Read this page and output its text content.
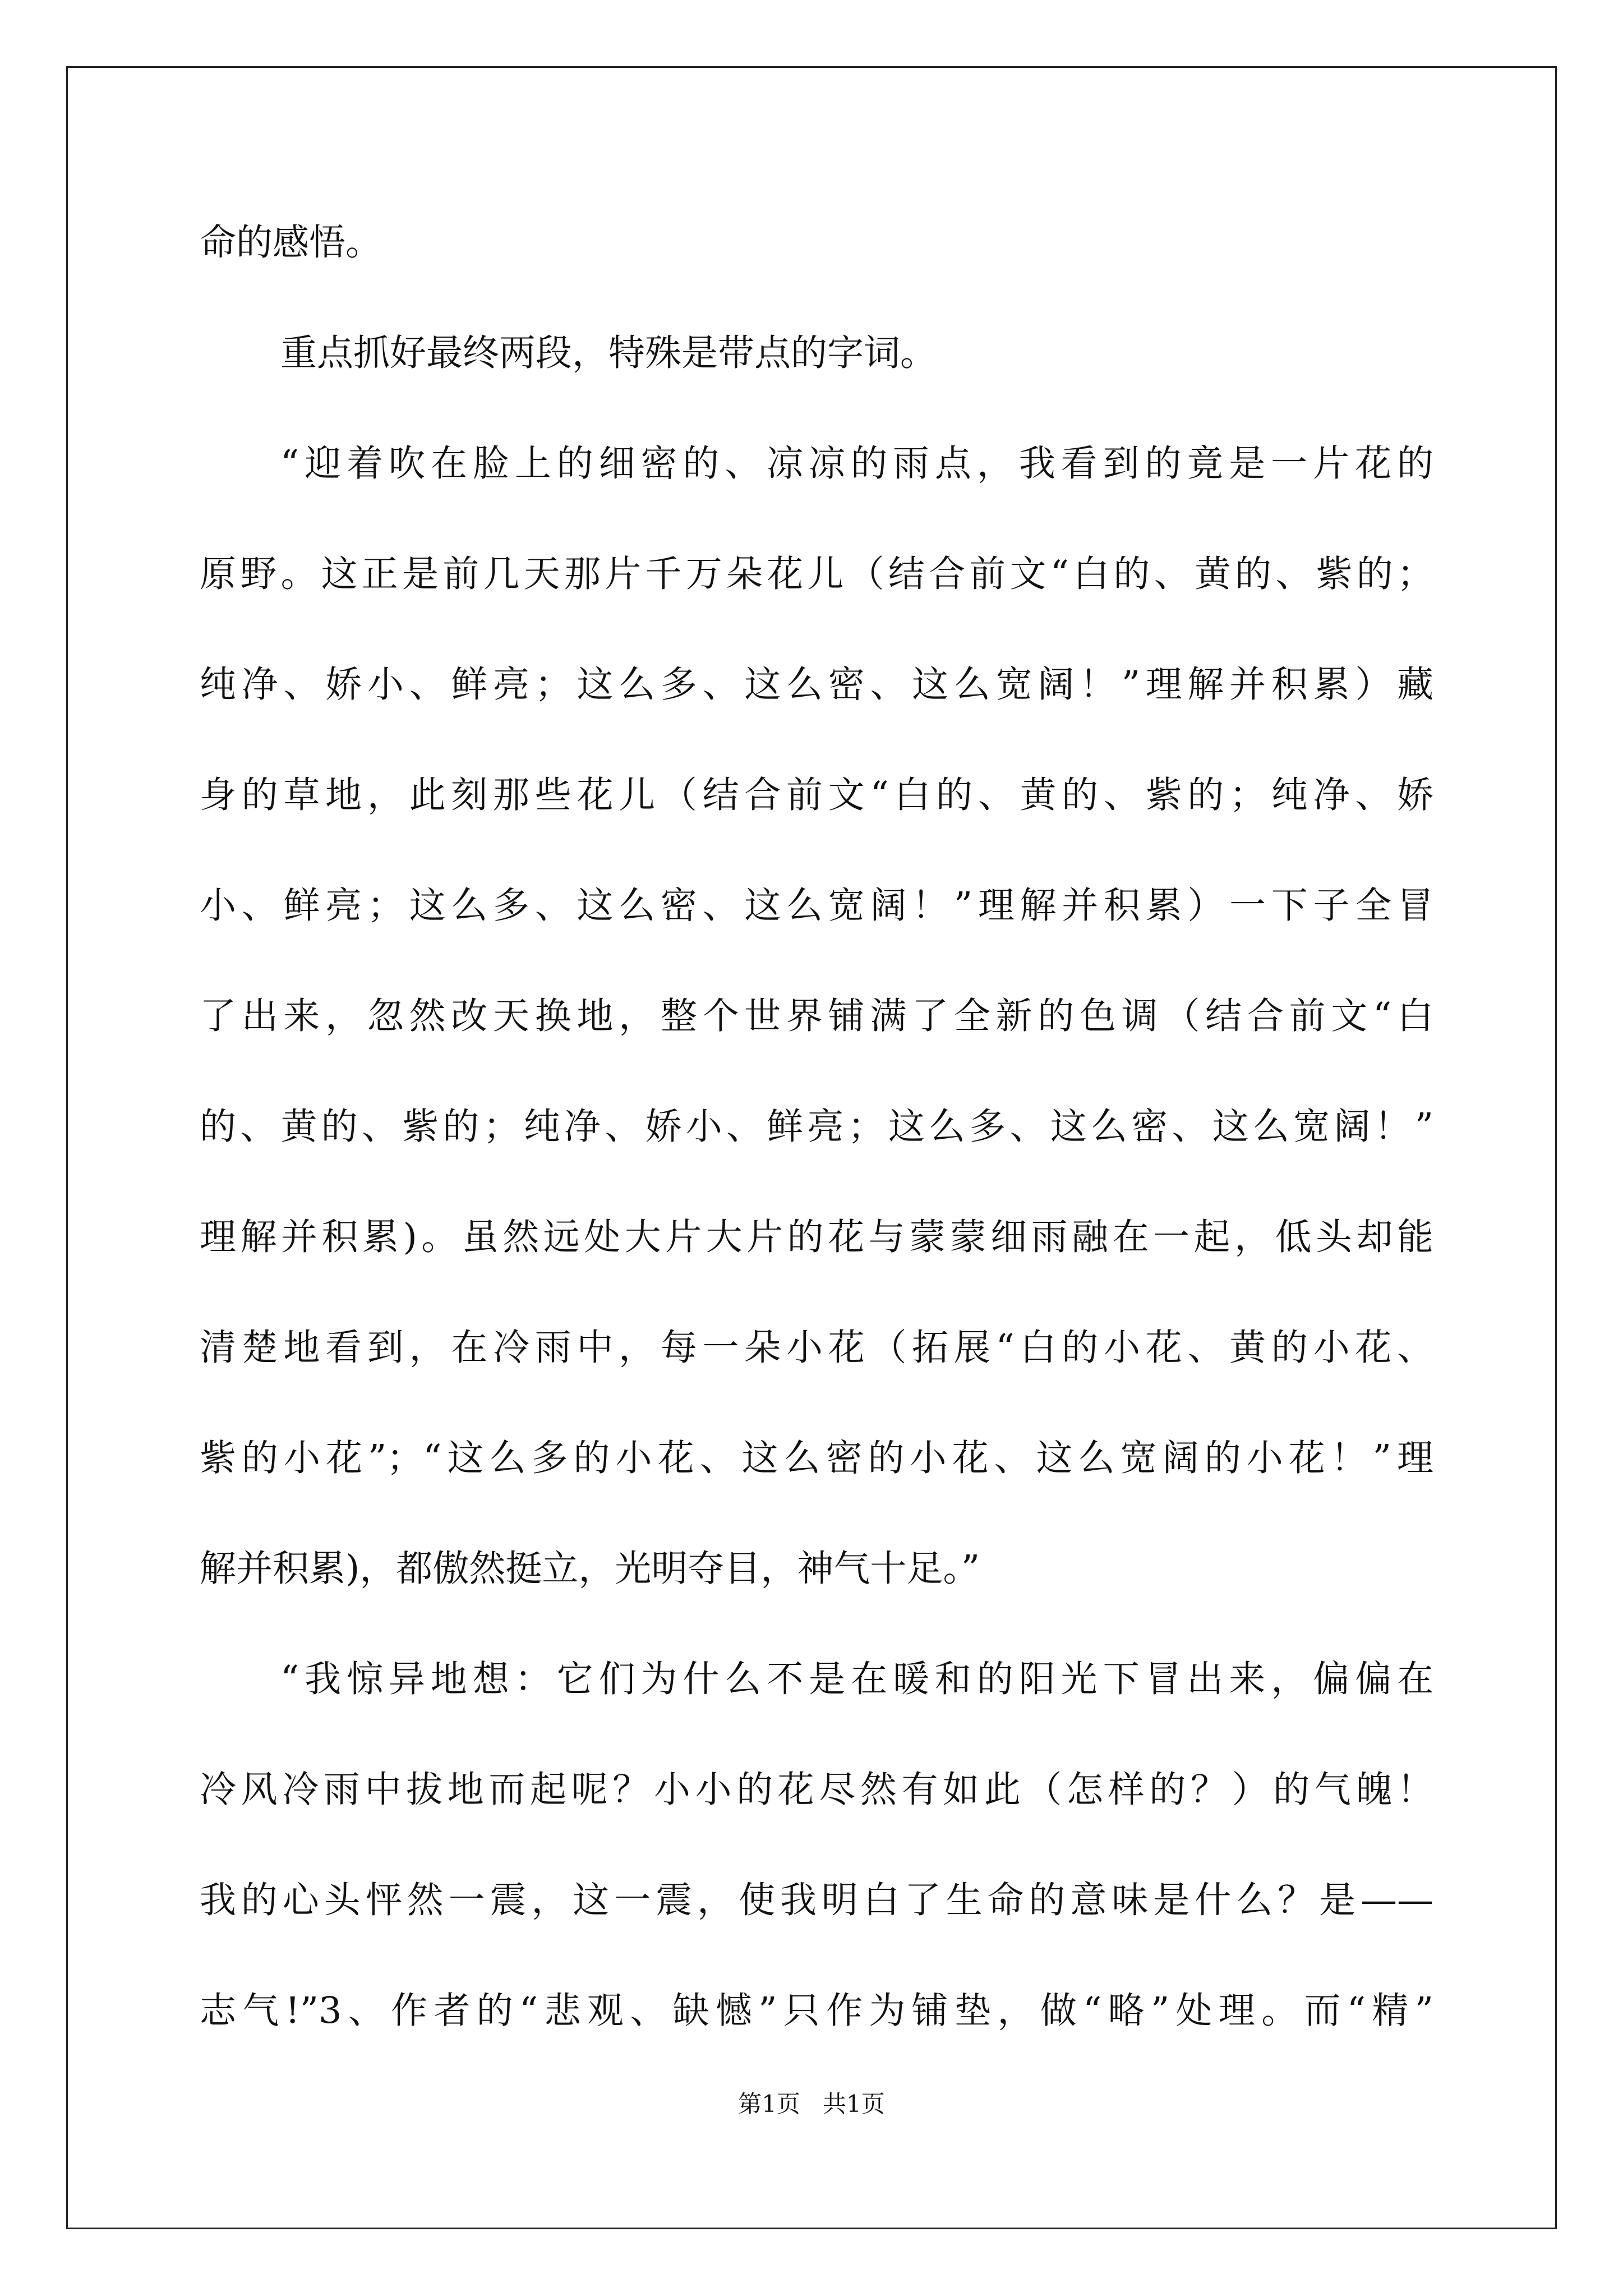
命的感悟。

重点抓好最终两段，特殊是带点的字词。

“迎着吹在脸上的细密的、凉凉的雨点，我看到的竟是一片花的

原野。这正是前几天那片千万朵花儿（结合前文“白的、黄的、紫的；

纯净、娇小、鲜亮；这么多、这么密、这么宽阔！”理解并积累）藏

身的草地，此刻那些花儿（结合前文“白的、黄的、紫的；纯净、娇

小、鲜亮；这么多、这么密、这么宽阔！”理解并积累）一下子全冒

了出来，忽然改天换地，整个世界铺满了全新的色调（结合前文“白

的、黄的、紫的；纯净、娇小、鲜亮；这么多、这么密、这么宽阔！”

理解并积累)。虽然远处大片大片的花与蒙蒙细雨融在一起，低头却能

清楚地看到，在冷雨中，每一朵小花（拓展“白的小花、黄的小花、

紫的小花”；“这么多的小花、这么密的小花、这么宽阔的小花！”理

解并积累)，都傲然挺立，光明夺目，神气十足。”

“我惊异地想：它们为什么不是在暖和的阳光下冒出来，偏偏在

冷风冷雨中拔地而起呢？小小的花尽然有如此（怎样的？）的气魄！

我的心头怦然一震，这一震，使我明白了生命的意味是什么？是——

志气!”3、作者的“悲观、缺憾”只作为铺垫，做“略”处理。而“精”

第1页 共1页
